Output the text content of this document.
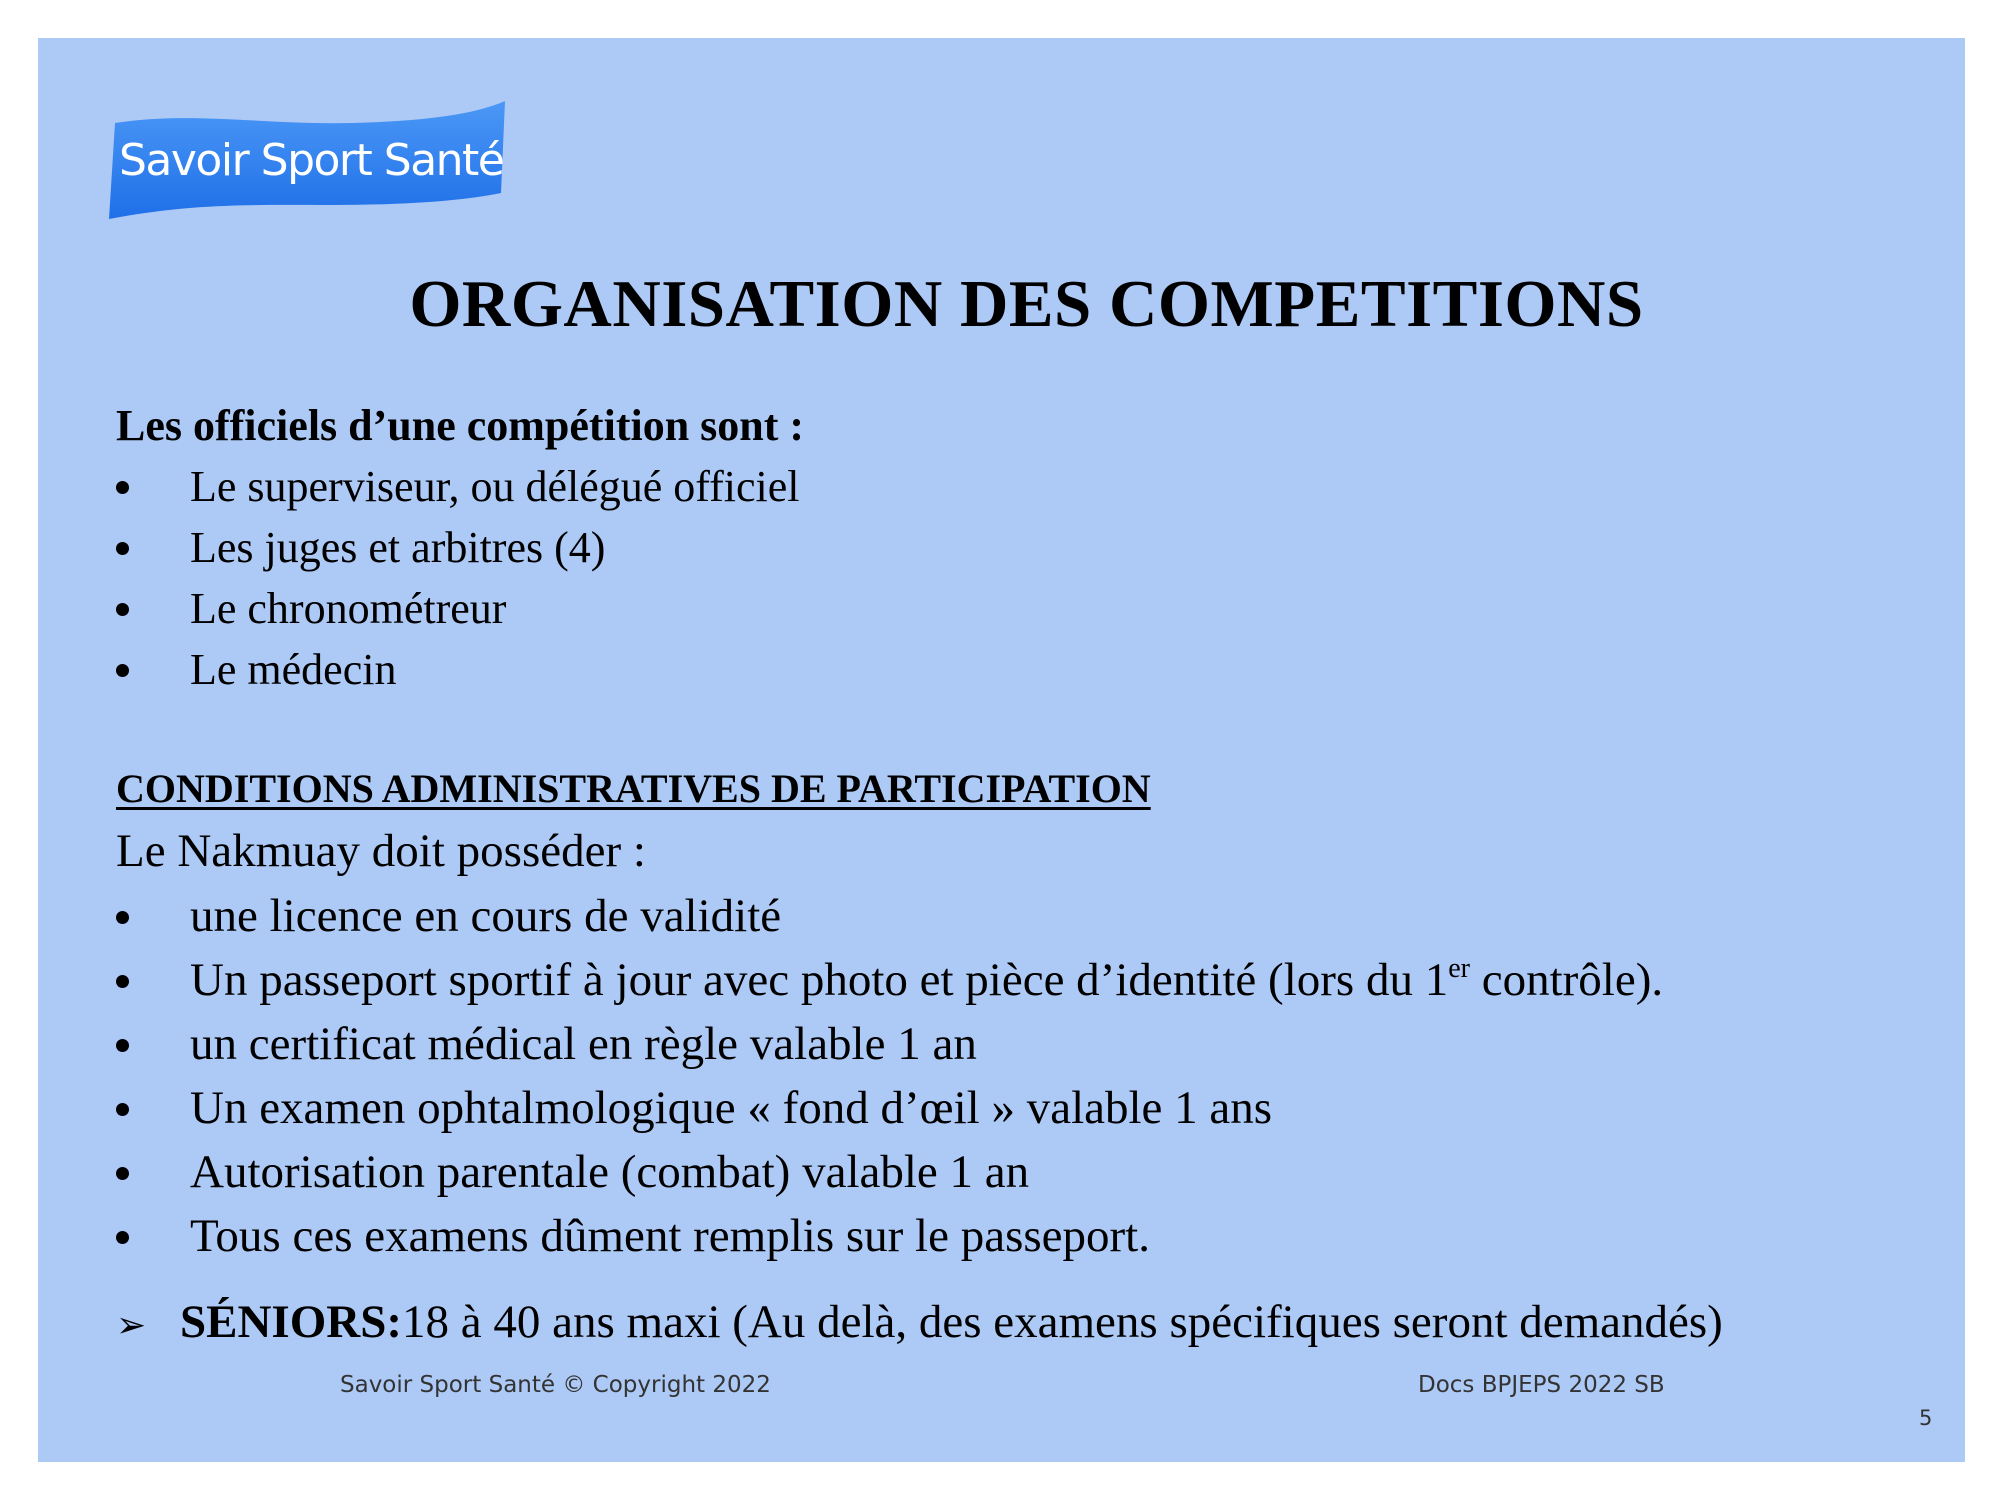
Savoir Sport Santé
ORGANISATION DES COMPETITIONS
Les officiels d’une compétition sont :
Le superviseur, ou délégué officiel
Les juges et arbitres (4)
Le chronométreur
Le médecin
CONDITIONS ADMINISTRATIVES DE PARTICIPATION
Le Nakmuay doit posséder :
une licence en cours de validité
Un passeport sportif à jour avec photo et pièce d’identité (lors du 1er contrôle).
un certificat médical en règle valable 1 an
Un examen ophtalmologique « fond d’œil » valable 1 ans
Autorisation parentale (combat) valable 1 an
Tous ces examens dûment remplis sur le passeport.
➢ SÉNIORS:18 à 40 ans maxi (Au delà, des examens spécifiques seront demandés)
Savoir Sport Santé © Copyright 2022	Docs BPJEPS 2022 SB
5
